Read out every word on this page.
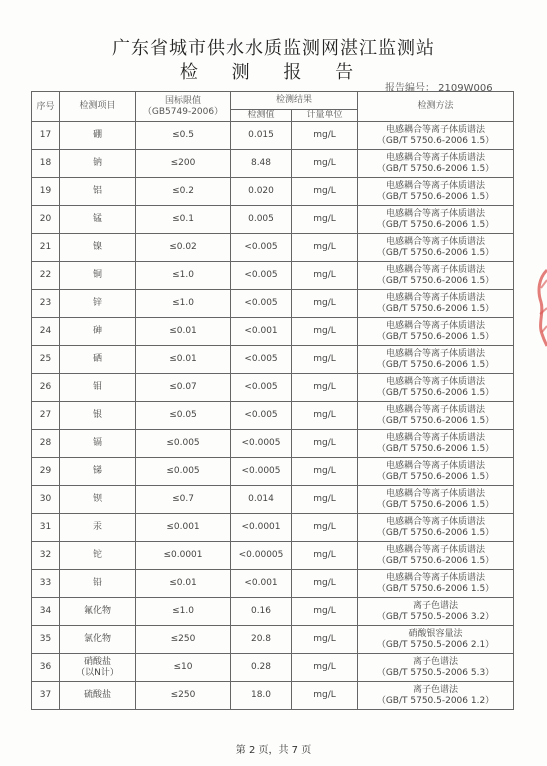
广东省城市供水水质监测网湛江监测站
检 测 报 告
报告编号： 2109W006
序号	检测项目	国标限值
（GB5749-2006）	检测结果		检测方法
			检测值	计量单位	
17	硼	≤0.5	0.015	mg/L	电感耦合等离子体质谱法
（GB/T 5750.6-2006 1.5）

18	钠	≤200	8.48	mg/L	电感耦合等离子体质谱法
（GB/T 5750.6-2006 1.5）

19	铝	≤0.2	0.020	mg/L	电感耦合等离子体质谱法
（GB/T 5750.6-2006 1.5）

20	锰	≤0.1	0.005	mg/L	电感耦合等离子体质谱法
（GB/T 5750.6-2006 1.5）

21	镍	≤0.02	<0.005	mg/L	电感耦合等离子体质谱法
（GB/T 5750.6-2006 1.5）

22	铜	≤1.0	<0.005	mg/L	电感耦合等离子体质谱法
（GB/T 5750.6-2006 1.5）

23	锌	≤1.0	<0.005	mg/L	电感耦合等离子体质谱法
（GB/T 5750.6-2006 1.5）

24	砷	≤0.01	<0.001	mg/L	电感耦合等离子体质谱法
（GB/T 5750.6-2006 1.5）

25	硒	≤0.01	<0.005	mg/L	电感耦合等离子体质谱法
（GB/T 5750.6-2006 1.5）

26	钼	≤0.07	<0.005	mg/L	电感耦合等离子体质谱法
（GB/T 5750.6-2006 1.5）

27	银	≤0.05	<0.005	mg/L	电感耦合等离子体质谱法
（GB/T 5750.6-2006 1.5）

28	镉	≤0.005	<0.0005	mg/L	电感耦合等离子体质谱法
（GB/T 5750.6-2006 1.5）

29	锑	≤0.005	<0.0005	mg/L	电感耦合等离子体质谱法
（GB/T 5750.6-2006 1.5）

30	钡	≤0.7	0.014	mg/L	电感耦合等离子体质谱法
（GB/T 5750.6-2006 1.5）

31	汞	≤0.001	<0.0001	mg/L	电感耦合等离子体质谱法
（GB/T 5750.6-2006 1.5）

32	铊	≤0.0001	<0.00005	mg/L	电感耦合等离子体质谱法
（GB/T 5750.6-2006 1.5）

33	铅	≤0.01	<0.001	mg/L	电感耦合等离子体质谱法
（GB/T 5750.6-2006 1.5）

34	氟化物	≤1.0	0.16	mg/L	离子色谱法
（GB/T 5750.5-2006 3.2）

35	氯化物	≤250	20.8	mg/L	硝酸银容量法
（GB/T 5750.5-2006 2.1）

36	硝酸盐
（以N计）	≤10	0.28	mg/L	离子色谱法
（GB/T 5750.5-2006 5.3）

37	硫酸盐	≤250	18.0	mg/L	离子色谱法
（GB/T 5750.5-2006 1.2）
第 2 页，共 7 页
